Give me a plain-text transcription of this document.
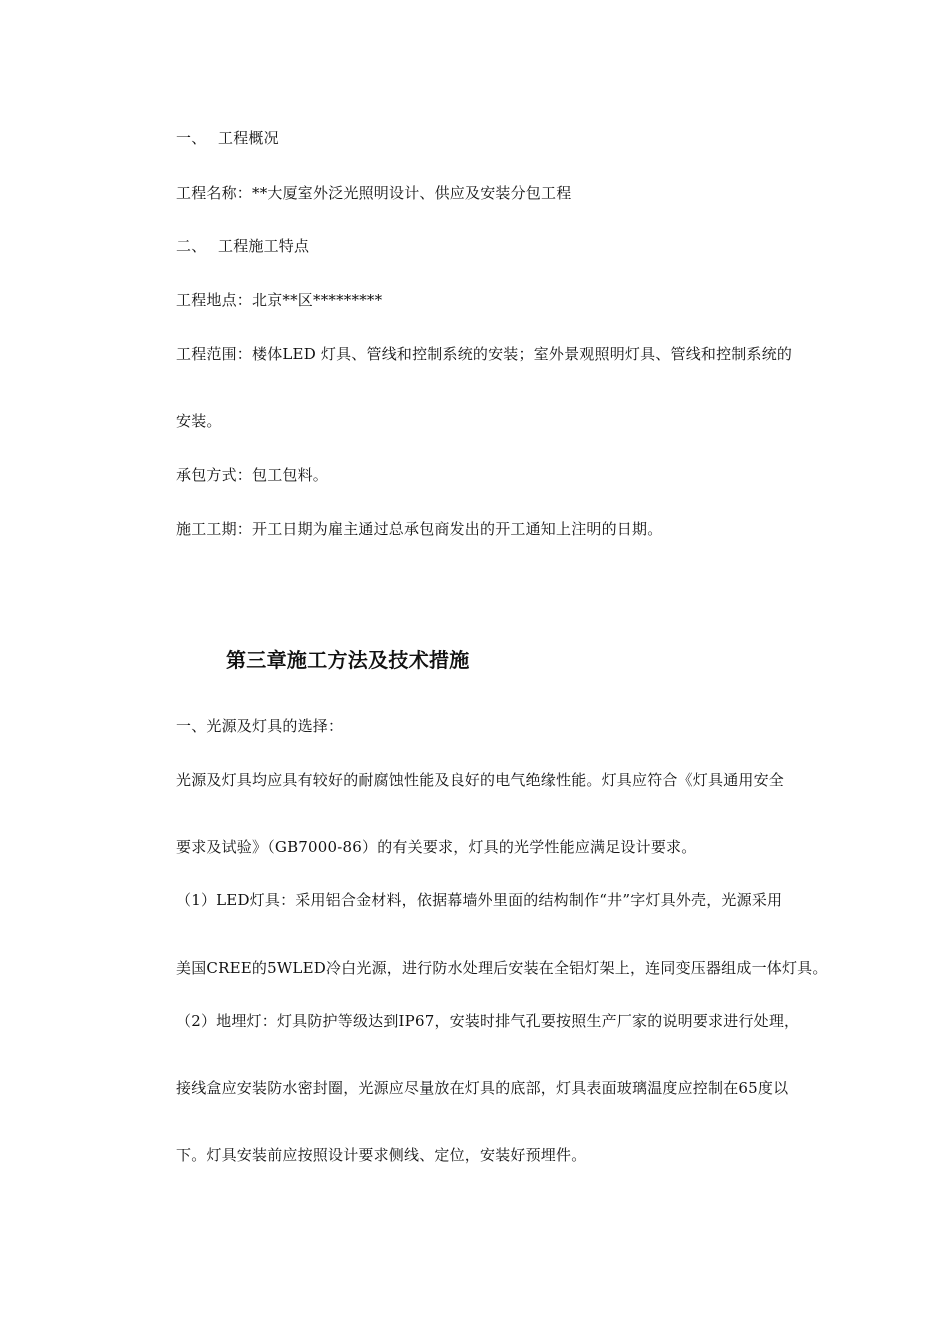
一、 工程概况
工程名称：**大厦室外泛光照明设计、供应及安装分包工程
二、 工程施工特点
工程地点：北京**区*********
工程范围：楼体LED 灯具、管线和控制系统的安装；室外景观照明灯具、管线和控制系统的
安装。
承包方式：包工包料。
施工工期：开工日期为雇主通过总承包商发出的开工通知上注明的日期。
第三章施工方法及技术措施
一、光源及灯具的选择：
光源及灯具均应具有较好的耐腐蚀性能及良好的电气绝缘性能。灯具应符合《灯具通用安全
要求及试验》（GB7000-86）的有关要求，灯具的光学性能应满足设计要求。
（1）LED灯具：采用铝合金材料，依据幕墙外里面的结构制作“井”字灯具外壳，光源采用
美国CREE的5WLED冷白光源，进行防水处理后安装在全铝灯架上，连同变压器组成一体灯具。
（2）地埋灯：灯具防护等级达到IP67，安装时排气孔要按照生产厂家的说明要求进行处理，
接线盒应安装防水密封圈，光源应尽量放在灯具的底部，灯具表面玻璃温度应控制在65度以
下。灯具安装前应按照设计要求侧线、定位，安装好预埋件。
